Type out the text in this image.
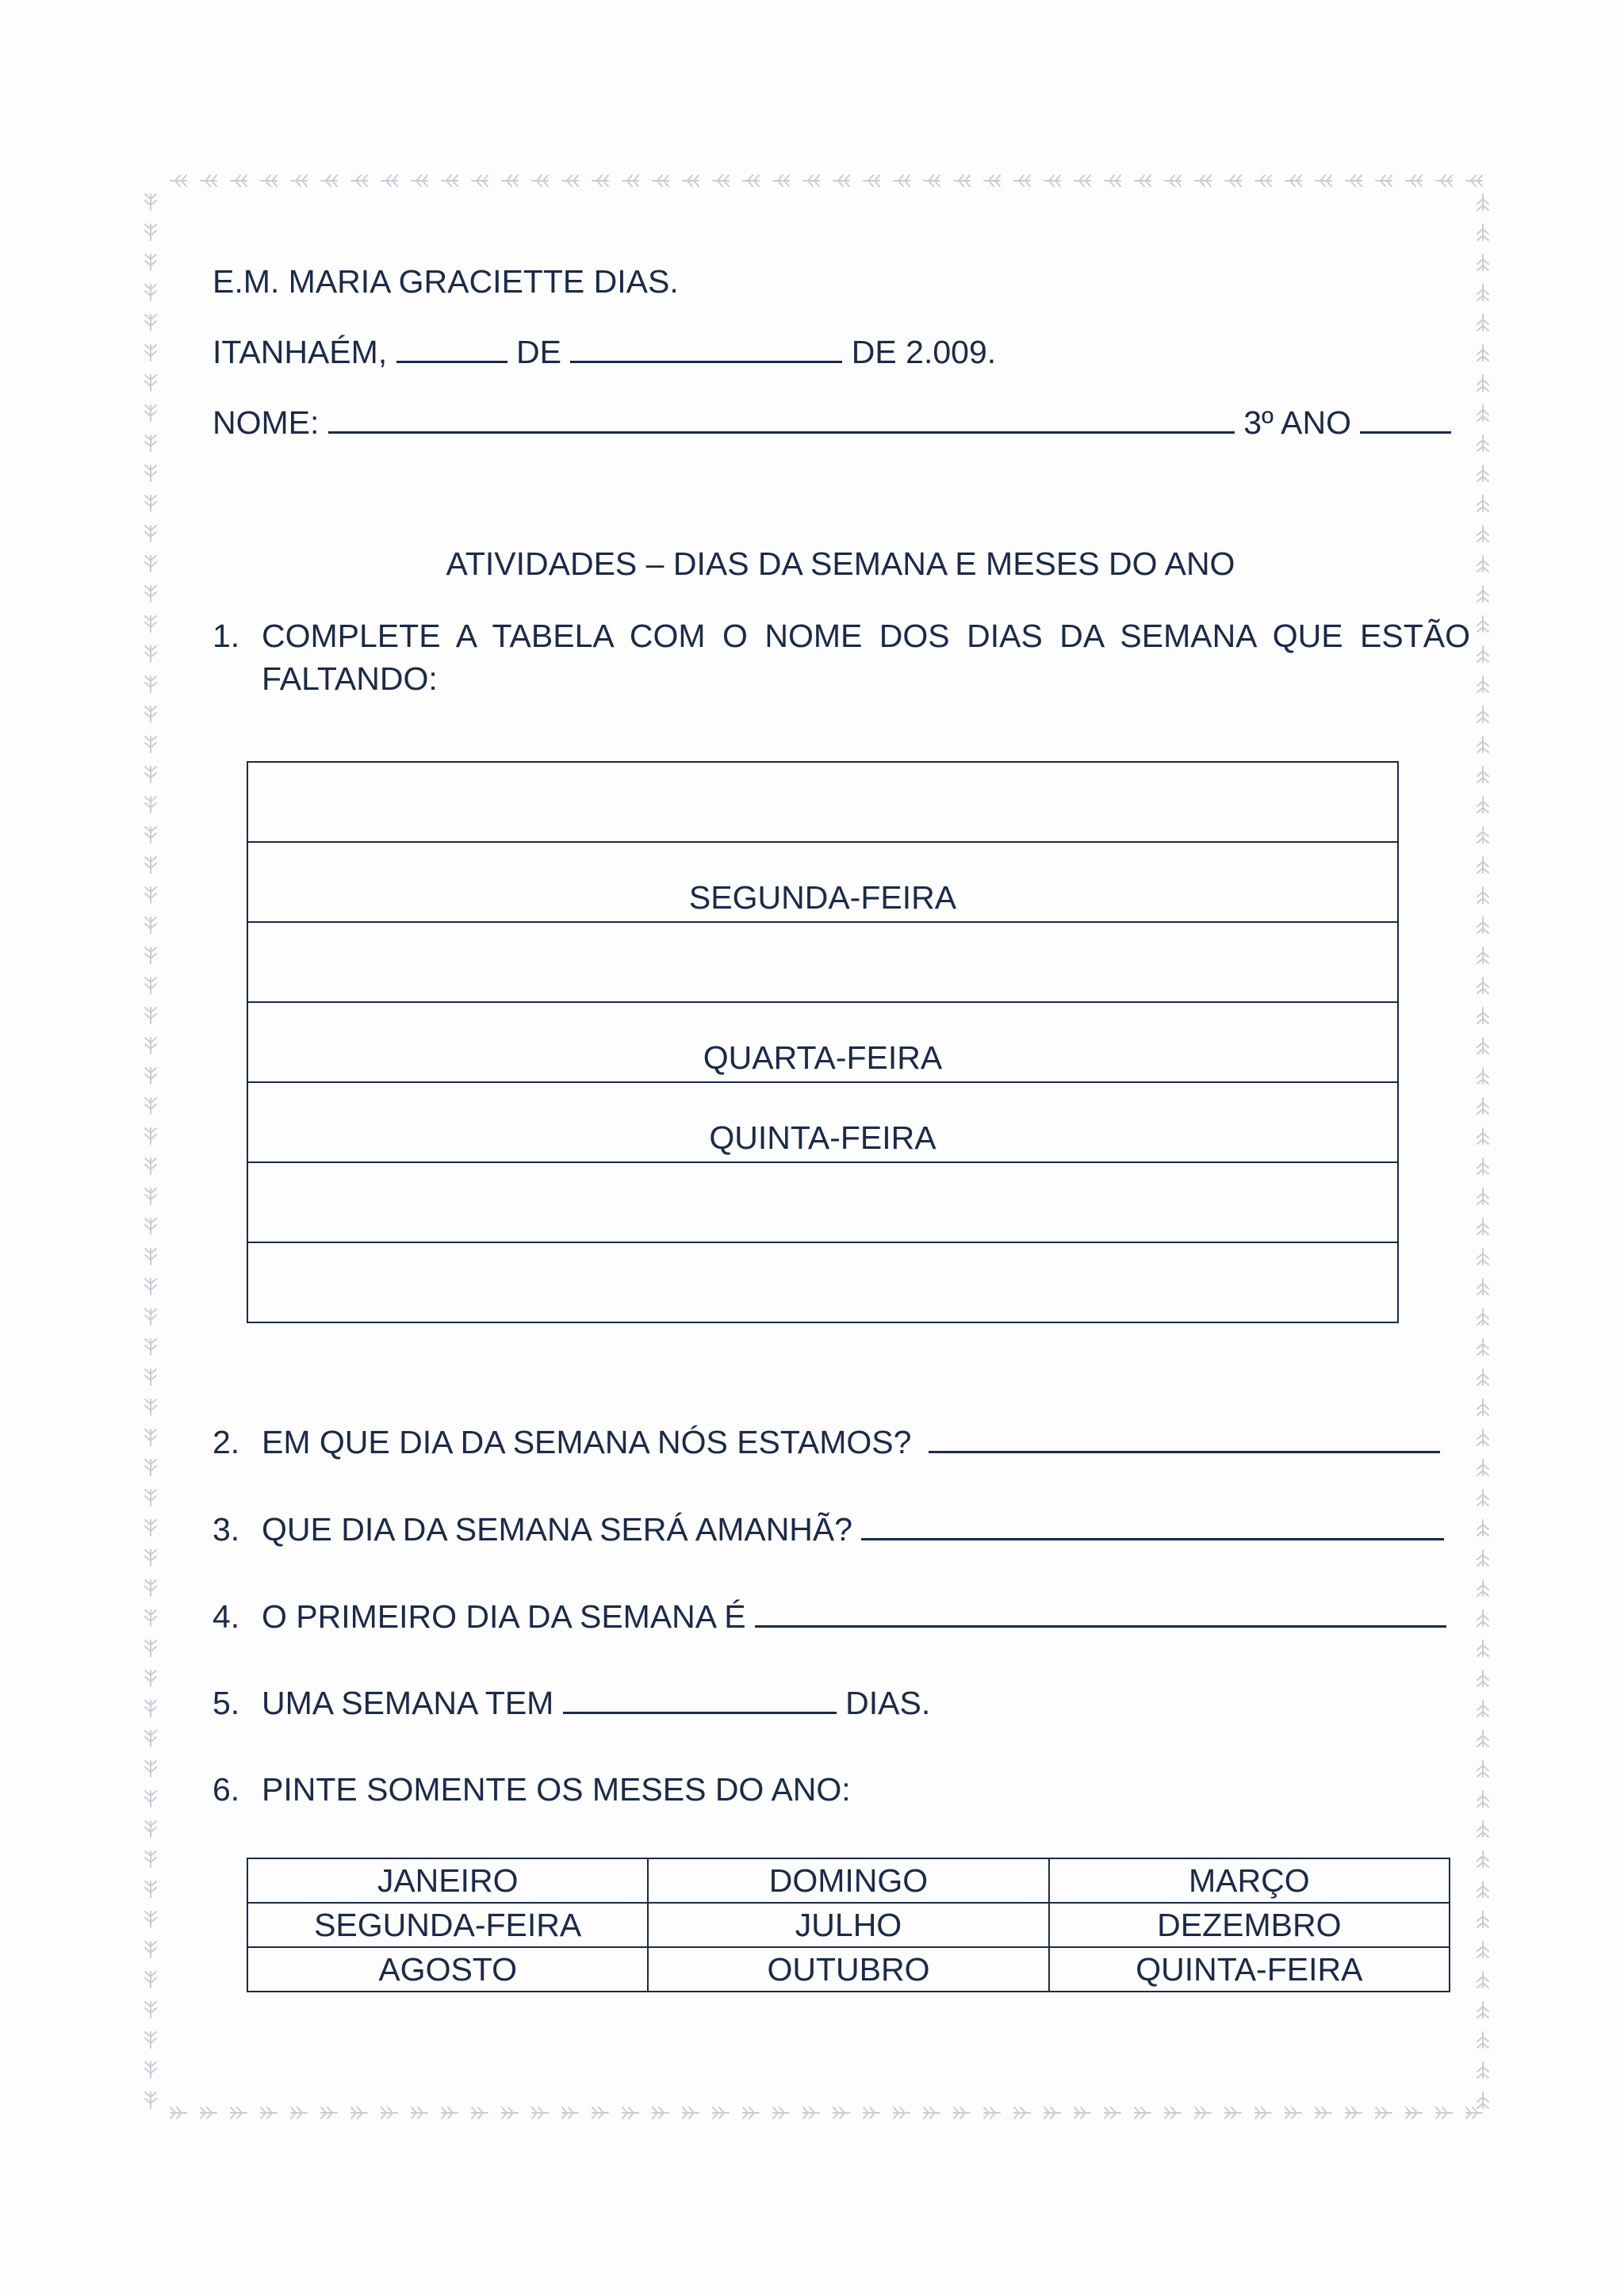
E.M. MARIA GRACIETTE DIAS.
ITANHAÉM,	DE	DE 2.009.
NOME:	3º ANO
ATIVIDADES – DIAS DA SEMANA E MESES DO ANO
1. COMPLETE A TABELA COM O NOME DOS DIAS DA SEMANA QUE ESTÃO FALTANDO:

SEGUNDA-FEIRA

QUARTA-FEIRA
QUINTA-FEIRA

2. EM QUE DIA DA SEMANA NÓS ESTAMOS?
3. QUE DIA DA SEMANA SERÁ AMANHÃ?
4. O PRIMEIRO DIA DA SEMANA É
5. UMA SEMANA TEM	DIAS.
6. PINTE SOMENTE OS MESES DO ANO:
JANEIRO	DOMINGO	MARÇO
SEGUNDA-FEIRA	JULHO	DEZEMBRO
AGOSTO	OUTUBRO	QUINTA-FEIRA
